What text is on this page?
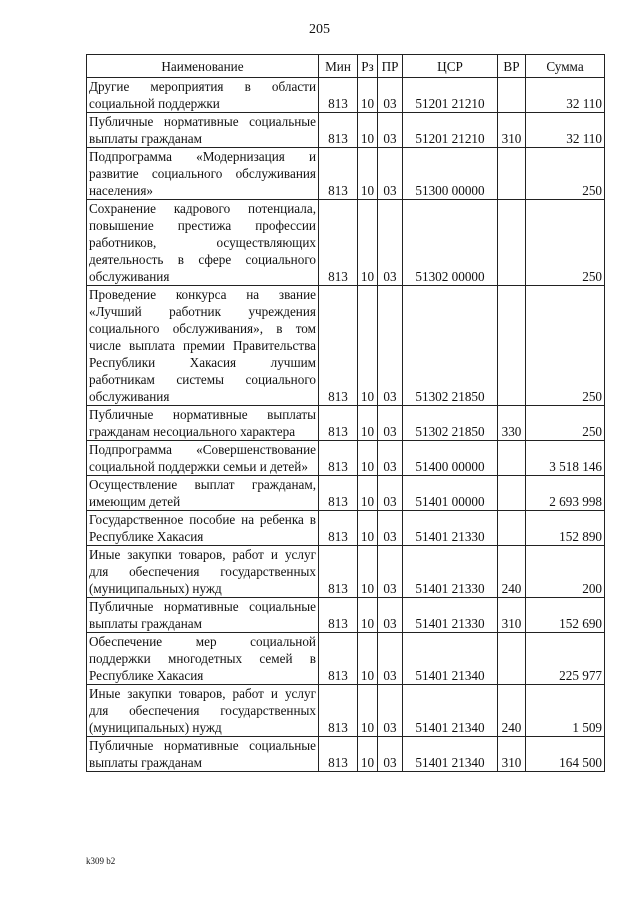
205
Наименование	Мин	Рз	ПР	ЦСР	ВР	Сумма
Другие мероприятия в области социальной поддержки	813	10	03	51201 21210		32 110
Публичные нормативные социальные выплаты гражданам	813	10	03	51201 21210	310	32 110
Подпрограмма «Модернизация и развитие социального обслуживания населения»	813	10	03	51300 00000		250
Сохранение кадрового потенциала, повышение престижа профессии работников, осуществляющих деятельность в сфере социального обслуживания	813	10	03	51302 00000		250
Проведение конкурса на звание «Лучший работник учреждения социального обслуживания», в том числе выплата премии Правительства Республики Хакасия лучшим работникам системы социального обслуживания	813	10	03	51302 21850		250
Публичные нормативные выплаты гражданам несоциального характера	813	10	03	51302 21850	330	250
Подпрограмма «Совершенствование социальной поддержки семьи и детей»	813	10	03	51400 00000		3 518 146
Осуществление выплат гражданам, имеющим детей	813	10	03	51401 00000		2 693 998
Государственное пособие на ребенка в Республике Хакасия	813	10	03	51401 21330		152 890
Иные закупки товаров, работ и услуг для обеспечения государственных (муниципальных) нужд	813	10	03	51401 21330	240	200
Публичные нормативные социальные выплаты гражданам	813	10	03	51401 21330	310	152 690
Обеспечение мер социальной поддержки многодетных семей в Республике Хакасия	813	10	03	51401 21340		225 977
Иные закупки товаров, работ и услуг для обеспечения государственных (муниципальных) нужд	813	10	03	51401 21340	240	1 509
Публичные нормативные социальные выплаты гражданам	813	10	03	51401 21340	310	164 500
k309 b2
